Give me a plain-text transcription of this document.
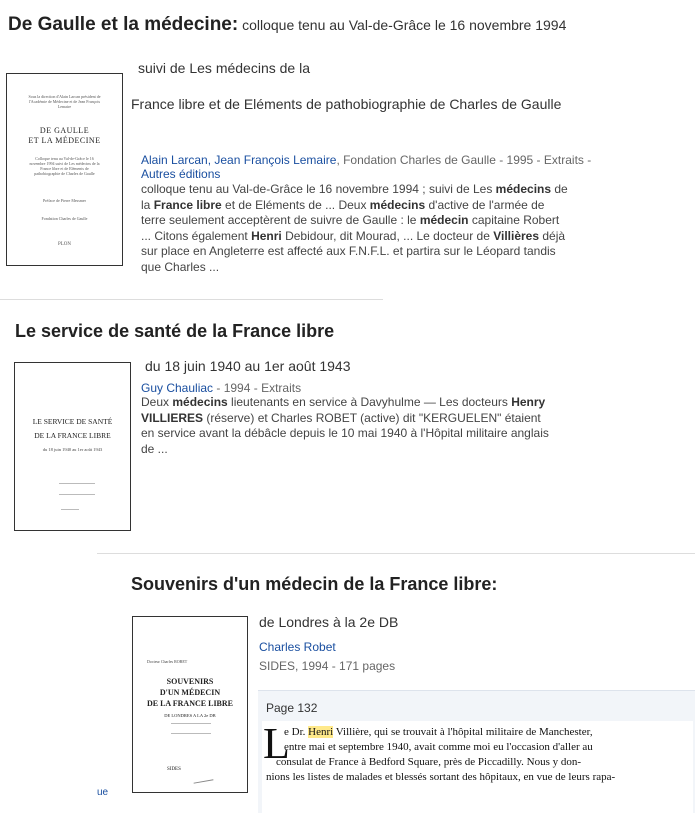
De Gaulle et la médecine: colloque tenu au Val-de-Grâce le 16 novembre 1994
suivi de Les médecins de la
France libre et de Eléments de pathobiographie de Charles de Gaulle
Sous la direction d'Alain Larcan président de l'Académie de Médecine et de Jean François Lemaire
DE GAULLE
ET LA MÉDECINE
Colloque tenu au Val-de-Grâce le 16 novembre 1994 suivi de Les médecins de la France libre et de Eléments de pathobiographie de Charles de Gaulle
Préface de Pierre Messmer
Fondation Charles de Gaulle
PLON
Alain Larcan, Jean François Lemaire, Fondation Charles de Gaulle - 1995 - Extraits -
Autres éditions
colloque tenu au Val-de-Grâce le 16 novembre 1994 ; suivi de Les médecins de la France libre et de Eléments de ... Deux médecins d'active de l'armée de terre seulement acceptèrent de suivre de Gaulle : le médecin capitaine Robert ... Citons également Henri Debidour, dit Mourad, ... Le docteur de Villières déjà sur place en Angleterre est affecté aux F.N.F.L. et partira sur le Léopard tandis que Charles ...
Le service de santé de la France libre
du 18 juin 1940 au 1er août 1943
LE SERVICE DE SANTÉ
DE LA FRANCE LIBRE
du 18 juin 1940 au 1er août 1943
Guy Chauliac - 1994 - Extraits
Deux médecins lieutenants en service à Davyhulme — Les docteurs Henry VILLIERES (réserve) et Charles ROBET (active) dit "KERGUELEN" étaient en service avant la débâcle depuis le 10 mai 1940 à l'Hôpital militaire anglais de ...
Souvenirs d'un médecin de la France libre:
de Londres à la 2e DB
Docteur Charles ROBET
SOUVENIRS
D'UN MÉDECIN
DE LA FRANCE LIBRE
DE LONDRES A LA 2e DB
SIDES
Charles Robet
SIDES, 1994 - 171 pages
Page 132
L
e Dr. Henri Villière, qui se trouvait à l'hôpital militaire de Manchester,
entre mai et septembre 1940, avait comme moi eu l'occasion d'aller au
consulat de France à Bedford Square, près de Piccadilly. Nous y don-
nions les listes de malades et blessés sortant des hôpitaux, en vue de leurs rapa-
ue
